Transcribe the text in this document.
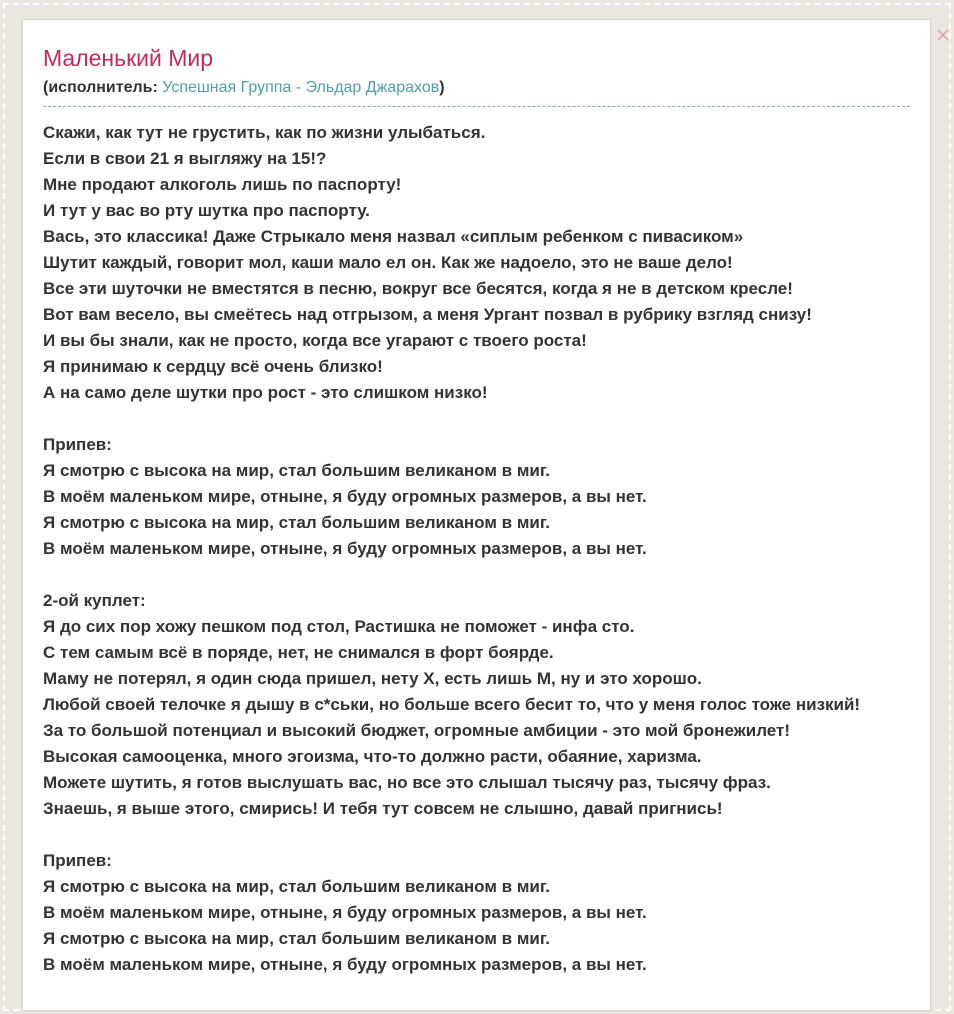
Маленький Мир
(исполнитель: Успешная Группа - Эльдар Джарахов)
Скажи, как тут не грустить, как по жизни улыбаться.
Если в свои 21 я выгляжу на 15!?
Мне продают алкоголь лишь по паспорту!
И тут у вас во рту шутка про паспорту.
Вась, это классика! Даже Стрыкало меня назвал «сиплым ребенком с пивасиком»
Шутит каждый, говорит мол, каши мало ел он. Как же надоело, это не ваше дело!
Все эти шуточки не вместятся в песню, вокруг все бесятся, когда я не в детском кресле!
Вот вам весело, вы смеётесь над отгрызом, а меня Ургант позвал в рубрику взгляд снизу!
И вы бы знали, как не просто, когда все угарают с твоего роста!
Я принимаю к сердцу всё очень близко!
А на само деле шутки про рост - это слишком низко!

Припев:
Я смотрю с высока на мир, стал большим великаном в миг.
В моём маленьком мире, отныне, я буду огромных размеров, а вы нет.
Я смотрю с высока на мир, стал большим великаном в миг.
В моём маленьком мире, отныне, я буду огромных размеров, а вы нет.

2-ой куплет:
Я до сих пор хожу пешком под стол, Растишка не поможет - инфа сто.
С тем самым всё в поряде, нет, не снимался в форт боярде.
Маму не потерял, я один сюда пришел, нету Х, есть лишь М, ну и это хорошо.
Любой своей телочке я дышу в с*ськи, но больше всего бесит то, что у меня голос тоже низкий!
За то большой потенциал и высокий бюджет, огромные амбиции - это мой бронежилет!
Высокая самооценка, много эгоизма, что-то должно расти, обаяние, харизма.
Можете шутить, я готов выслушать вас, но все это слышал тысячу раз, тысячу фраз.
Знаешь, я выше этого, смирись! И тебя тут совсем не слышно, давай пригнись!

Припев:
Я смотрю с высока на мир, стал большим великаном в миг.
В моём маленьком мире, отныне, я буду огромных размеров, а вы нет.
Я смотрю с высока на мир, стал большим великаном в миг.
В моём маленьком мире, отныне, я буду огромных размеров, а вы нет.
